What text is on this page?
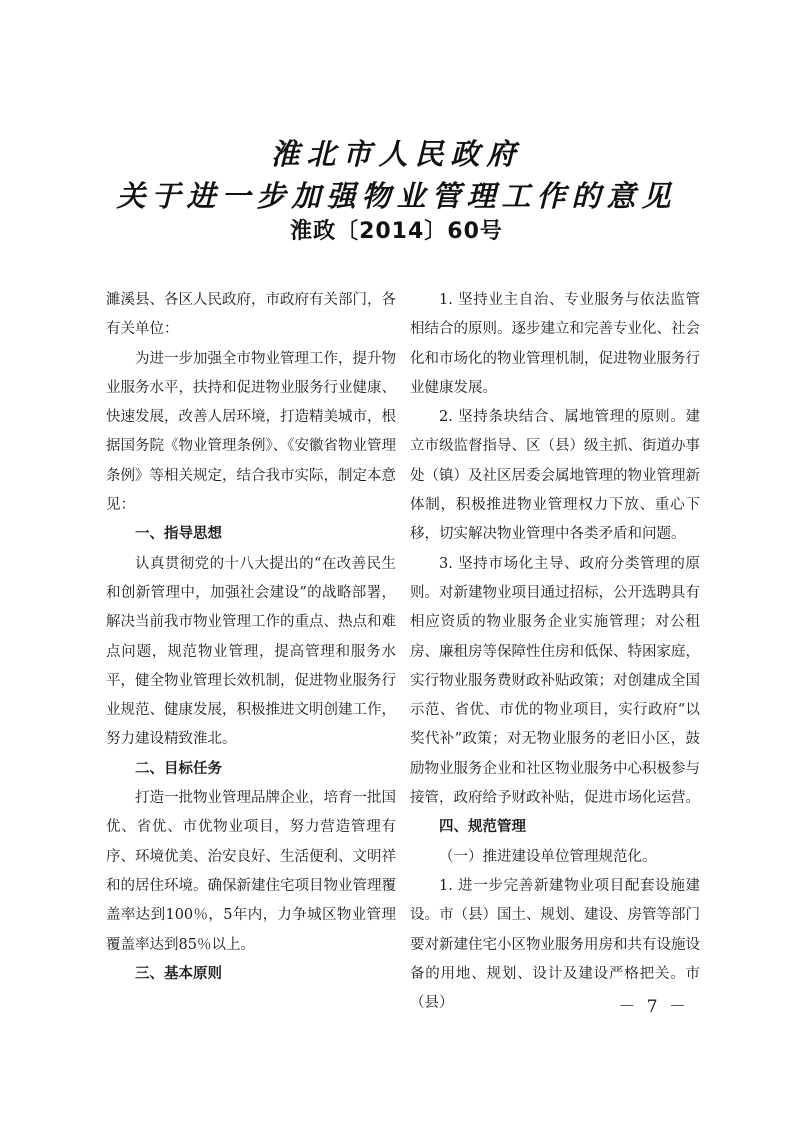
淮北市人民政府
关于进一步加强物业管理工作的意见
淮政〔2014〕60号

濉溪县、各区人民政府，市政府有关部门，各有关单位：

为进一步加强全市物业管理工作，提升物业服务水平，扶持和促进物业服务行业健康、快速发展，改善人居环境，打造精美城市，根据国务院《物业管理条例》、《安徽省物业管理条例》等相关规定，结合我市实际，制定本意见：

一、指导思想

认真贯彻党的十八大提出的“在改善民生和创新管理中，加强社会建设”的战略部署，解决当前我市物业管理工作的重点、热点和难点问题，规范物业管理，提高管理和服务水平，健全物业管理长效机制，促进物业服务行业规范、健康发展，积极推进文明创建工作，努力建设精致淮北。

二、目标任务

打造一批物业管理品牌企业，培育一批国优、省优、市优物业项目，努力营造管理有序、环境优美、治安良好、生活便利、文明祥和的居住环境。确保新建住宅项目物业管理覆盖率达到100％，5年内，力争城区物业管理覆盖率达到85％以上。

三、基本原则

1. 坚持业主自治、专业服务与依法监管相结合的原则。逐步建立和完善专业化、社会化和市场化的物业管理机制，促进物业服务行业健康发展。

2. 坚持条块结合、属地管理的原则。建立市级监督指导、区（县）级主抓、街道办事处（镇）及社区居委会属地管理的物业管理新体制，积极推进物业管理权力下放、重心下移，切实解决物业管理中各类矛盾和问题。

3. 坚持市场化主导、政府分类管理的原则。对新建物业项目通过招标，公开选聘具有相应资质的物业服务企业实施管理；对公租房、廉租房等保障性住房和低保、特困家庭，实行物业服务费财政补贴政策；对创建成全国示范、省优、市优的物业项目，实行政府“以奖代补”政策；对无物业服务的老旧小区，鼓励物业服务企业和社区物业服务中心积极参与接管，政府给予财政补贴，促进市场化运营。

四、规范管理

（一）推进建设单位管理规范化。

1. 进一步完善新建物业项目配套设施建设。市（县）国土、规划、建设、房管等部门要对新建住宅小区物业服务用房和共有设施设备的用地、规划、设计及建设严格把关。市（县）	－ 7 －
